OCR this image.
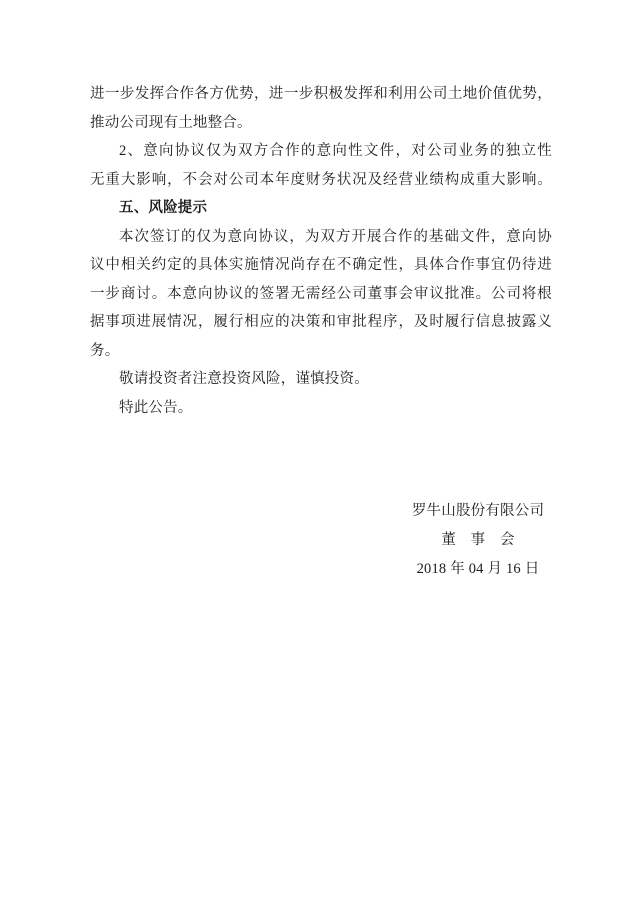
进一步发挥合作各方优势，进一步积极发挥和利用公司土地价值优势，
推动公司现有土地整合。
2、意向协议仅为双方合作的意向性文件，对公司业务的独立性
无重大影响，不会对公司本年度财务状况及经营业绩构成重大影响。
五、风险提示
本次签订的仅为意向协议，为双方开展合作的基础文件，意向协
议中相关约定的具体实施情况尚存在不确定性，具体合作事宜仍待进
一步商讨。本意向协议的签署无需经公司董事会审议批准。公司将根
据事项进展情况，履行相应的决策和审批程序，及时履行信息披露义
务。
敬请投资者注意投资风险，谨慎投资。
特此公告。
罗牛山股份有限公司
董　事　会
2018 年 04 月 16 日
